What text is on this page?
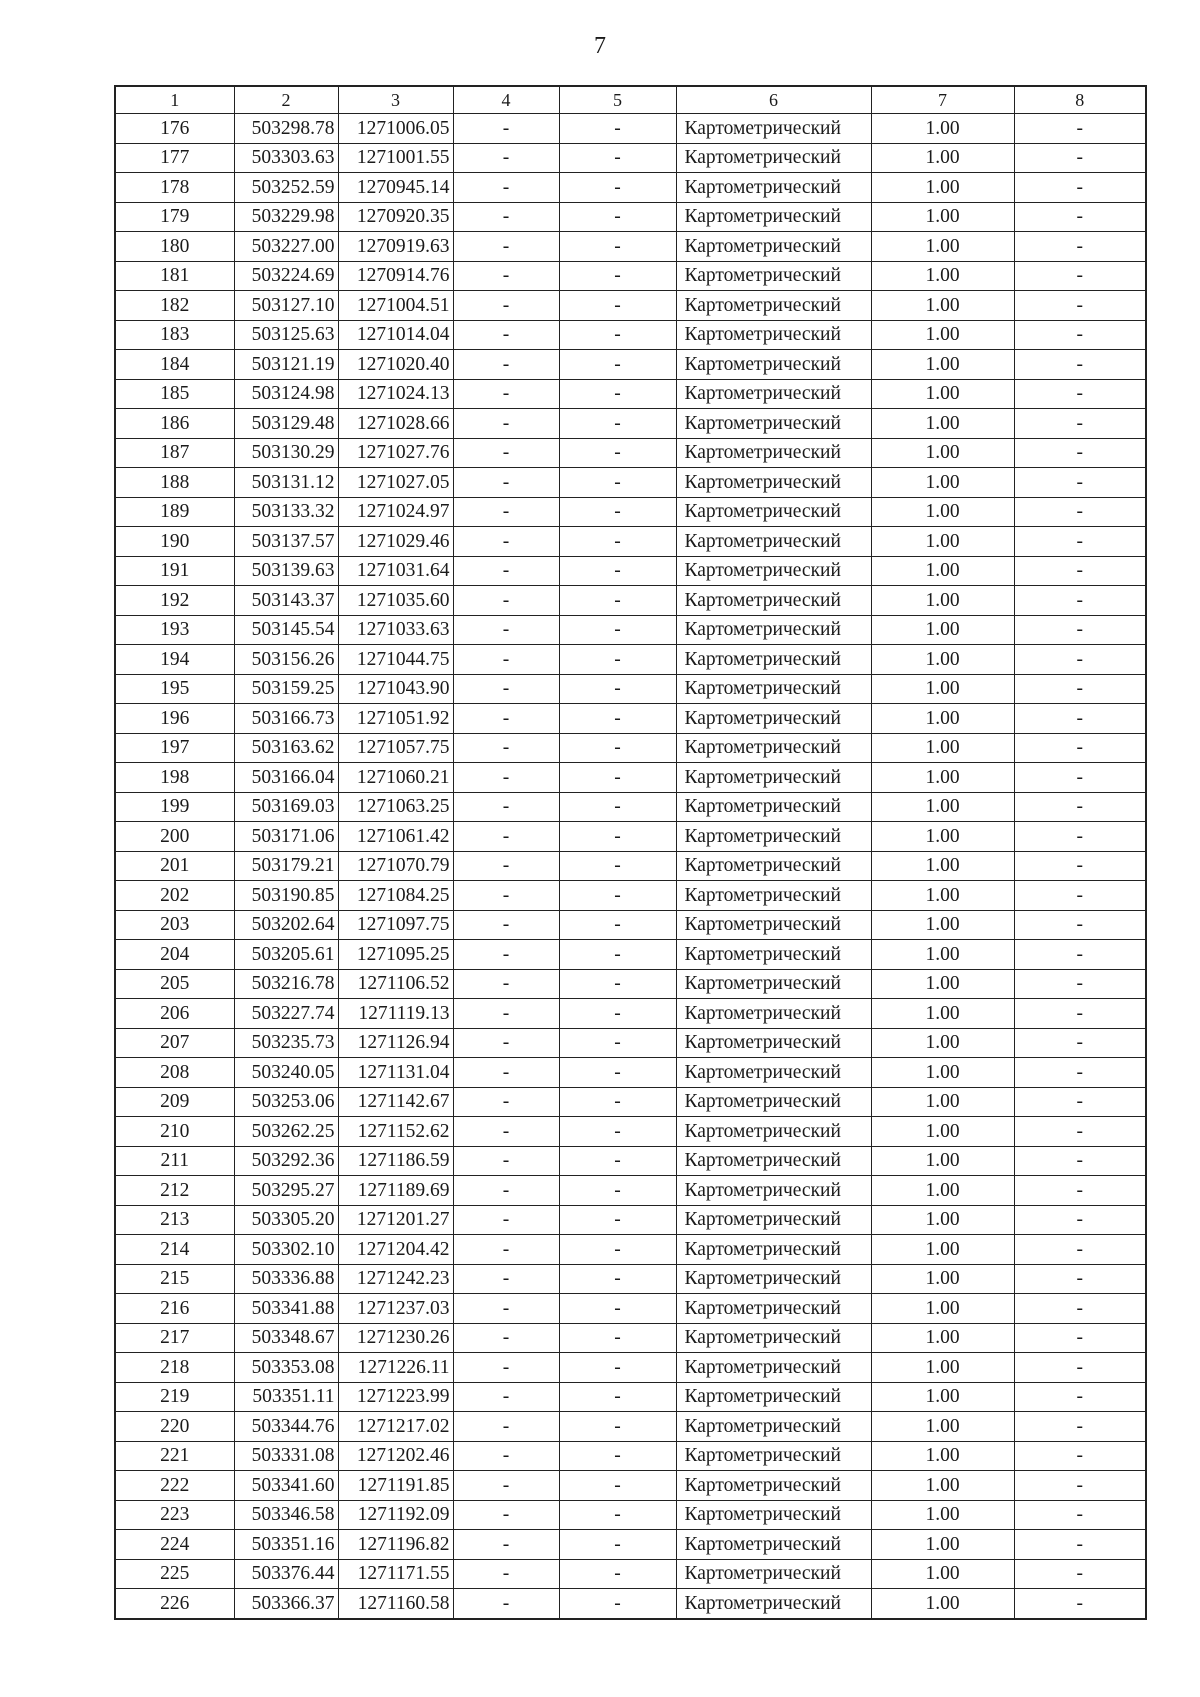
7
1	2	3	4	5	6	7	8
176	503298.78	1271006.05	-	-	Картометрический	1.00	-
177	503303.63	1271001.55	-	-	Картометрический	1.00	-
178	503252.59	1270945.14	-	-	Картометрический	1.00	-
179	503229.98	1270920.35	-	-	Картометрический	1.00	-
180	503227.00	1270919.63	-	-	Картометрический	1.00	-
181	503224.69	1270914.76	-	-	Картометрический	1.00	-
182	503127.10	1271004.51	-	-	Картометрический	1.00	-
183	503125.63	1271014.04	-	-	Картометрический	1.00	-
184	503121.19	1271020.40	-	-	Картометрический	1.00	-
185	503124.98	1271024.13	-	-	Картометрический	1.00	-
186	503129.48	1271028.66	-	-	Картометрический	1.00	-
187	503130.29	1271027.76	-	-	Картометрический	1.00	-
188	503131.12	1271027.05	-	-	Картометрический	1.00	-
189	503133.32	1271024.97	-	-	Картометрический	1.00	-
190	503137.57	1271029.46	-	-	Картометрический	1.00	-
191	503139.63	1271031.64	-	-	Картометрический	1.00	-
192	503143.37	1271035.60	-	-	Картометрический	1.00	-
193	503145.54	1271033.63	-	-	Картометрический	1.00	-
194	503156.26	1271044.75	-	-	Картометрический	1.00	-
195	503159.25	1271043.90	-	-	Картометрический	1.00	-
196	503166.73	1271051.92	-	-	Картометрический	1.00	-
197	503163.62	1271057.75	-	-	Картометрический	1.00	-
198	503166.04	1271060.21	-	-	Картометрический	1.00	-
199	503169.03	1271063.25	-	-	Картометрический	1.00	-
200	503171.06	1271061.42	-	-	Картометрический	1.00	-
201	503179.21	1271070.79	-	-	Картометрический	1.00	-
202	503190.85	1271084.25	-	-	Картометрический	1.00	-
203	503202.64	1271097.75	-	-	Картометрический	1.00	-
204	503205.61	1271095.25	-	-	Картометрический	1.00	-
205	503216.78	1271106.52	-	-	Картометрический	1.00	-
206	503227.74	1271119.13	-	-	Картометрический	1.00	-
207	503235.73	1271126.94	-	-	Картометрический	1.00	-
208	503240.05	1271131.04	-	-	Картометрический	1.00	-
209	503253.06	1271142.67	-	-	Картометрический	1.00	-
210	503262.25	1271152.62	-	-	Картометрический	1.00	-
211	503292.36	1271186.59	-	-	Картометрический	1.00	-
212	503295.27	1271189.69	-	-	Картометрический	1.00	-
213	503305.20	1271201.27	-	-	Картометрический	1.00	-
214	503302.10	1271204.42	-	-	Картометрический	1.00	-
215	503336.88	1271242.23	-	-	Картометрический	1.00	-
216	503341.88	1271237.03	-	-	Картометрический	1.00	-
217	503348.67	1271230.26	-	-	Картометрический	1.00	-
218	503353.08	1271226.11	-	-	Картометрический	1.00	-
219	503351.11	1271223.99	-	-	Картометрический	1.00	-
220	503344.76	1271217.02	-	-	Картометрический	1.00	-
221	503331.08	1271202.46	-	-	Картометрический	1.00	-
222	503341.60	1271191.85	-	-	Картометрический	1.00	-
223	503346.58	1271192.09	-	-	Картометрический	1.00	-
224	503351.16	1271196.82	-	-	Картометрический	1.00	-
225	503376.44	1271171.55	-	-	Картометрический	1.00	-
226	503366.37	1271160.58	-	-	Картометрический	1.00	-
